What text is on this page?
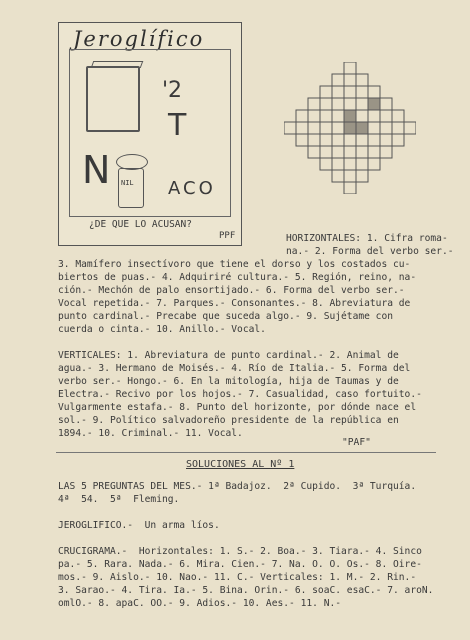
Jeroglífico
'2
T
N NIL ACO
¿DE QUE LO ACUSAN?
PPF	HORIZONTALES: 1. Cifra roma-
na.- 2. Forma del verbo ser.-
3. Mamífero insectívoro que tiene el dorso y los costados cu-
biertos de puas.- 4. Adquiriré cultura.- 5. Región, reino, na-
ción.- Mechón de palo ensortijado.- 6. Forma del verbo ser.-
Vocal repetida.- 7. Parques.- Consonantes.- 8. Abreviatura de
punto cardinal.- Precabe que suceda algo.- 9. Sujétame con
cuerda o cinta.- 10. Anillo.- Vocal.
VERTICALES: 1. Abreviatura de punto cardinal.- 2. Animal de
agua.- 3. Hermano de Moisés.- 4. Río de Italia.- 5. Forma del
verbo ser.- Hongo.- 6. En la mitología, hija de Taumas y de
Electra.- Recivo por los hojos.- 7. Casualidad, caso fortuito.-
Vulgarmente estafa.- 8. Punto del horizonte, por dónde nace el
sol.- 9. Político salvadoreño presidente de la república en
1894.- 10. Criminal.- 11. Vocal.
"PAF"
SOLUCIONES AL Nº 1
LAS 5 PREGUNTAS DEL MES.- 1ª Badajoz.  2ª Cupido.  3ª Turquía.
4ª  54.  5ª  Fleming.
JEROGLIFICO.-  Un arma líos.
CRUCIGRAMA.-  Horizontales: 1. S.- 2. Boa.- 3. Tiara.- 4. Sinco
pa.- 5. Rara. Nada.- 6. Mira. Cien.- 7. Na. O. O. Os.- 8. Oire-
mos.- 9. Aislo.- 10. Nao.- 11. C.- Verticales: 1. M.- 2. Rin.-
3. Sarao.- 4. Tira. Ia.- 5. Bina. Orin.- 6. soaC. esaC.- 7. aroN.
omlO.- 8. apaC. OO.- 9. Adios.- 10. Aes.- 11. N.-
